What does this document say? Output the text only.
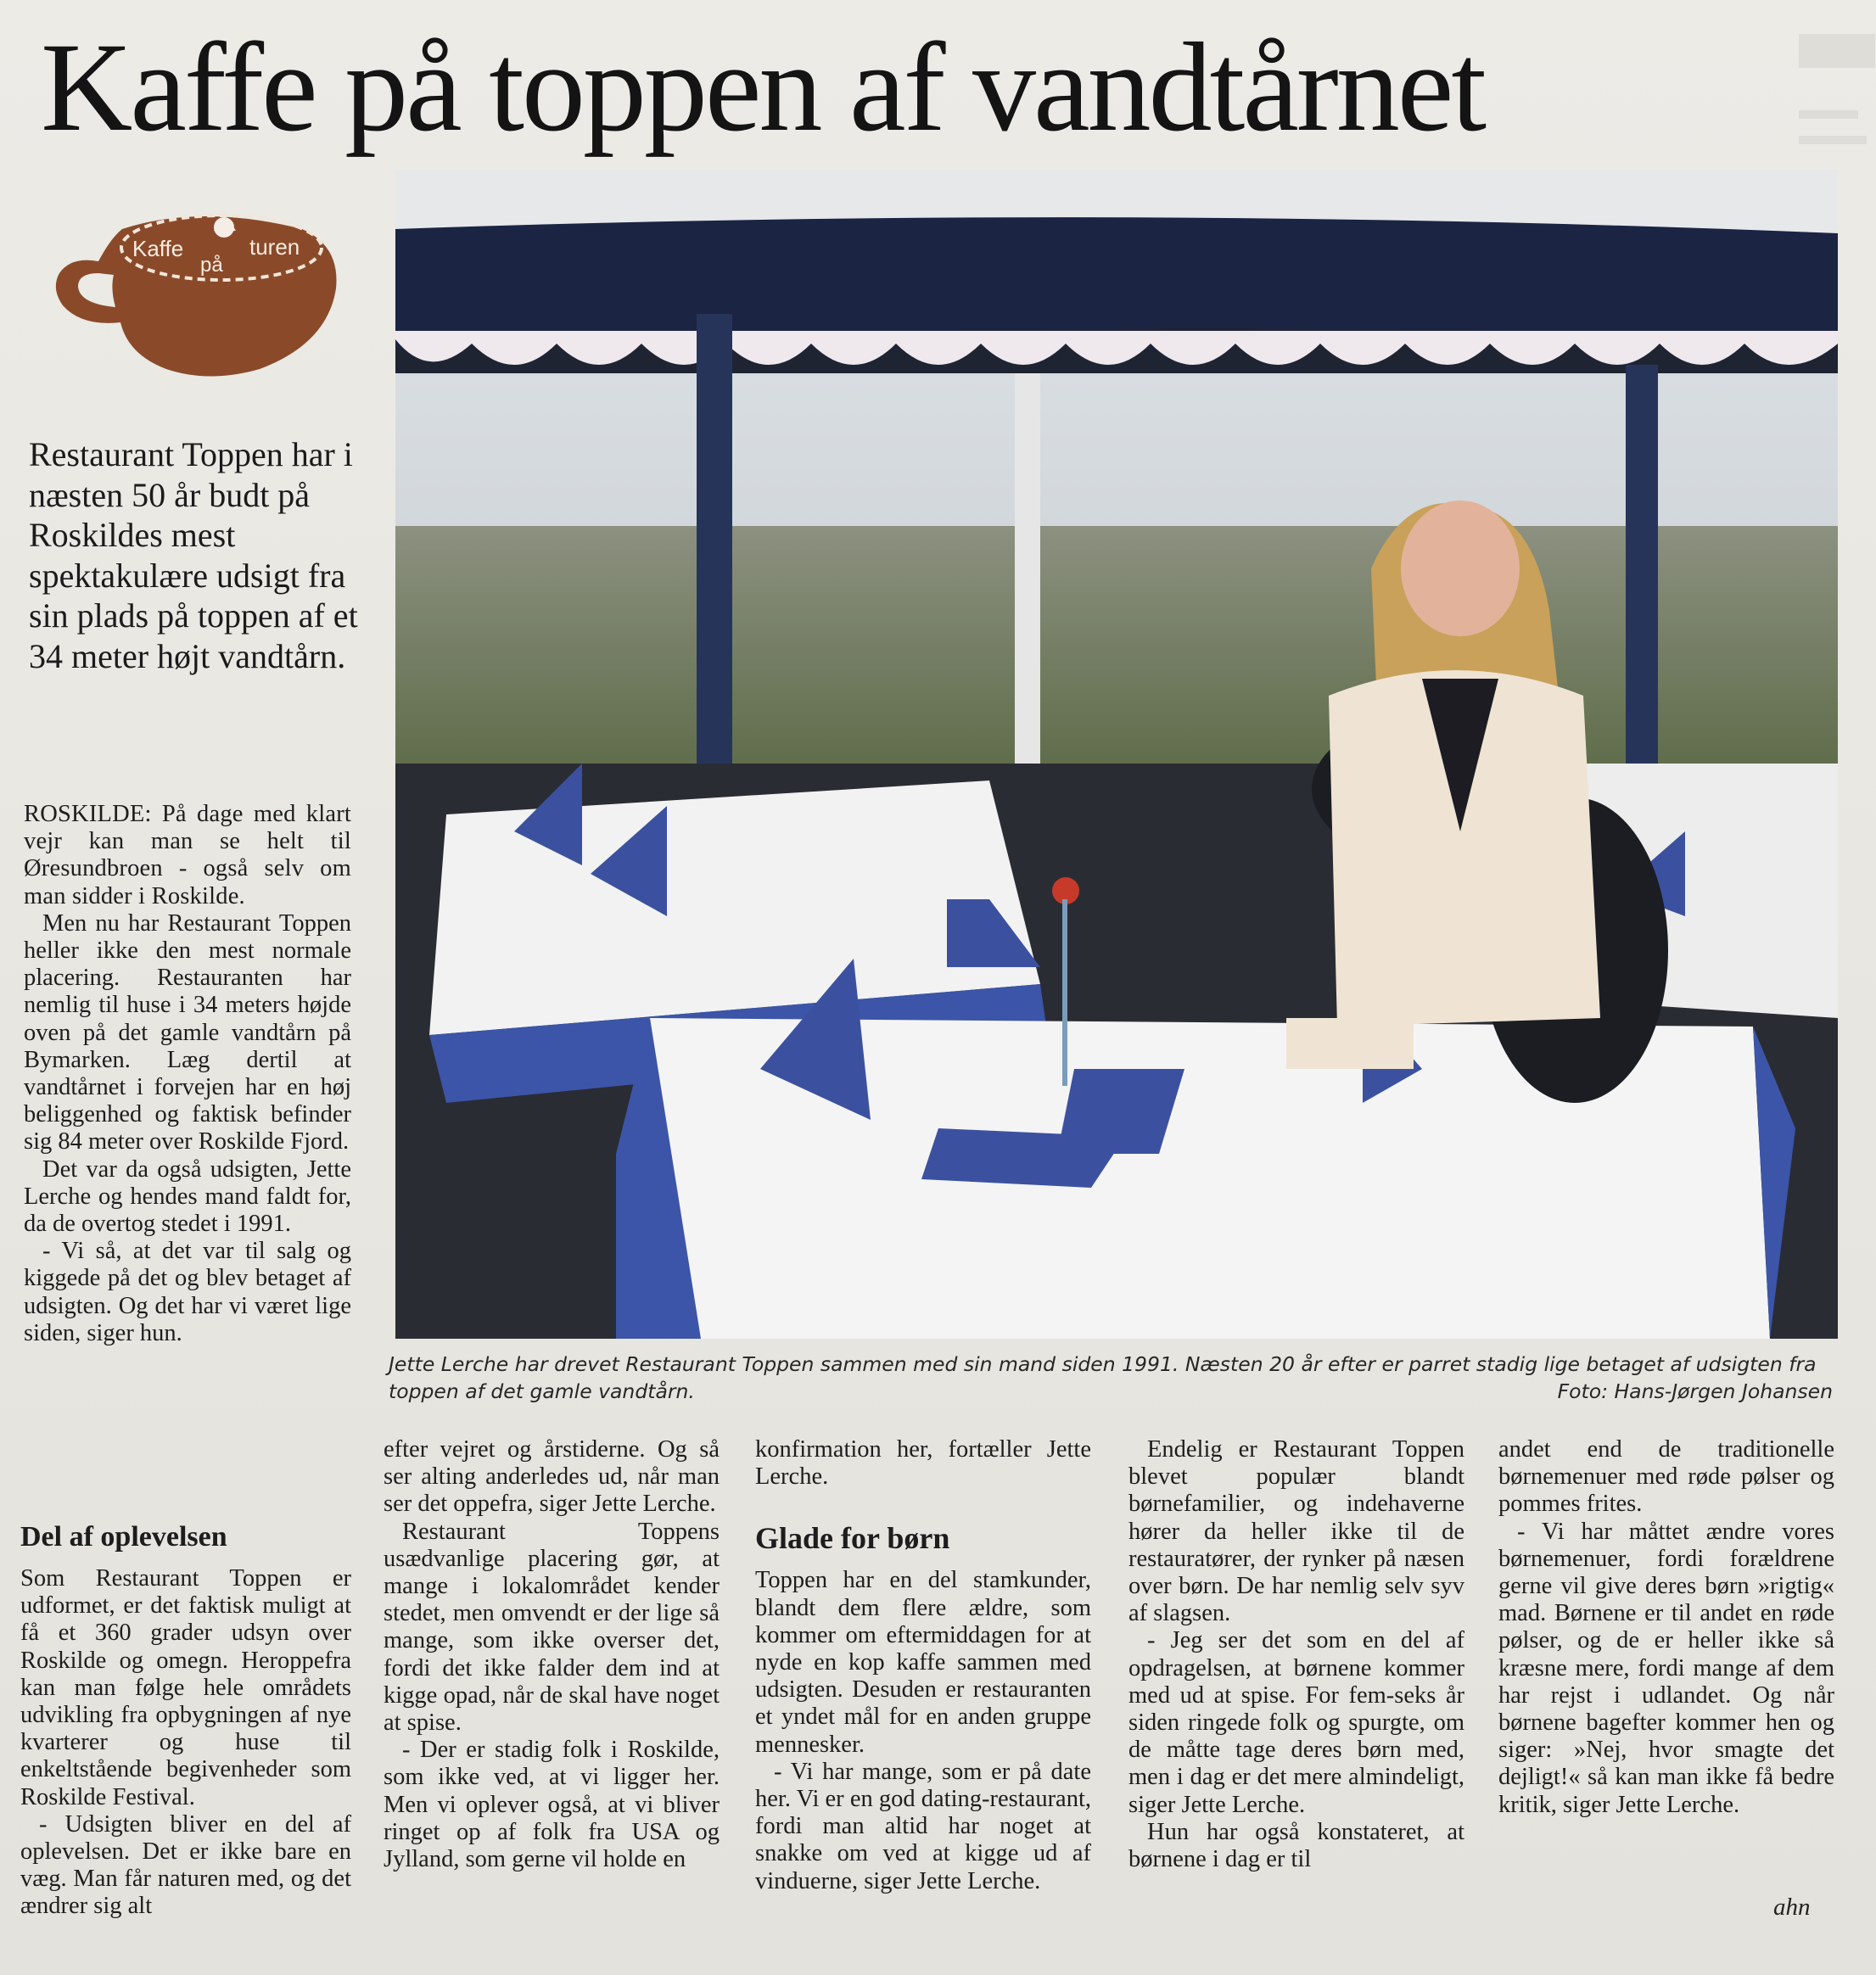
Kaffe på toppen af vandtårnet
Kaffe
på
turen

Restaurant Toppen har i næsten 50 år budt på Roskildes mest spektakulære udsigt fra sin plads på toppen af et 34 meter højt vandtårn.

ROSKILDE: På dage med klart vejr kan man se helt til Øresundbroen - også selv om man sidder i Roskilde.

Men nu har Restaurant Toppen heller ikke den mest normale placering. Restauranten har nemlig til huse i 34 meters højde oven på det gamle vandtårn på Bymarken. Læg dertil at vandtårnet i forvejen har en høj beliggenhed og faktisk befinder sig 84 meter over Roskilde Fjord.

Det var da også udsigten, Jette Lerche og hendes mand faldt for, da de overtog stedet i 1991.

- Vi så, at det var til salg og kiggede på det og blev betaget af udsigten. Og det har vi været lige siden, siger hun.

Del af oplevelsen

Som Restaurant Toppen er udformet, er det faktisk muligt at få et 360 grader udsyn over Roskilde og omegn. Heroppefra kan man følge hele områdets udvikling fra opbygningen af nye kvarterer og huse til enkeltstående begivenheder som Roskilde Festival.

- Udsigten bliver en del af oplevelsen. Det er ikke bare en væg. Man får naturen med, og det ændrer sig alt

Jette Lerche har drevet Restaurant Toppen sammen med sin mand siden 1991. Næsten 20 år efter er parret stadig lige betaget af udsigten fra toppen af det gamle vandtårn.	Foto: Hans-Jørgen Johansen

efter vejret og årstiderne. Og så ser alting anderledes ud, når man ser det oppefra, siger Jette Lerche.

Restaurant Toppens usædvanlige placering gør, at mange i lokalområdet kender stedet, men omvendt er der lige så mange, som ikke overser det, fordi det ikke falder dem ind at kigge opad, når de skal have noget at spise.

- Der er stadig folk i Roskilde, som ikke ved, at vi ligger her. Men vi oplever også, at vi bliver ringet op af folk fra USA og Jylland, som gerne vil holde en

konfirmation her, fortæller Jette Lerche.

Glade for børn

Toppen har en del stamkunder, blandt dem flere ældre, som kommer om eftermiddagen for at nyde en kop kaffe sammen med udsigten. Desuden er restauranten et yndet mål for en anden gruppe mennesker.

- Vi har mange, som er på date her. Vi er en god dating-restaurant, fordi man altid har noget at snakke om ved at kigge ud af vinduerne, siger Jette Lerche.

Endelig er Restaurant Toppen blevet populær blandt børnefamilier, og indehaverne hører da heller ikke til de restauratører, der rynker på næsen over børn. De har nemlig selv syv af slagsen.

- Jeg ser det som en del af opdragelsen, at børnene kommer med ud at spise. For fem-seks år siden ringede folk og spurgte, om de måtte tage deres børn med, men i dag er det mere almindeligt, siger Jette Lerche.

Hun har også konstateret, at børnene i dag er til

andet end de traditionelle børnemenuer med røde pølser og pommes frites.

- Vi har måttet ændre vores børnemenuer, fordi forældrene gerne vil give deres børn »rigtig« mad. Børnene er til andet en røde pølser, og de er heller ikke så kræsne mere, fordi mange af dem har rejst i udlandet. Og når børnene bagefter kommer hen og siger: »Nej, hvor smagte det dejligt!« så kan man ikke få bedre kritik, siger Jette Lerche.

ahn
